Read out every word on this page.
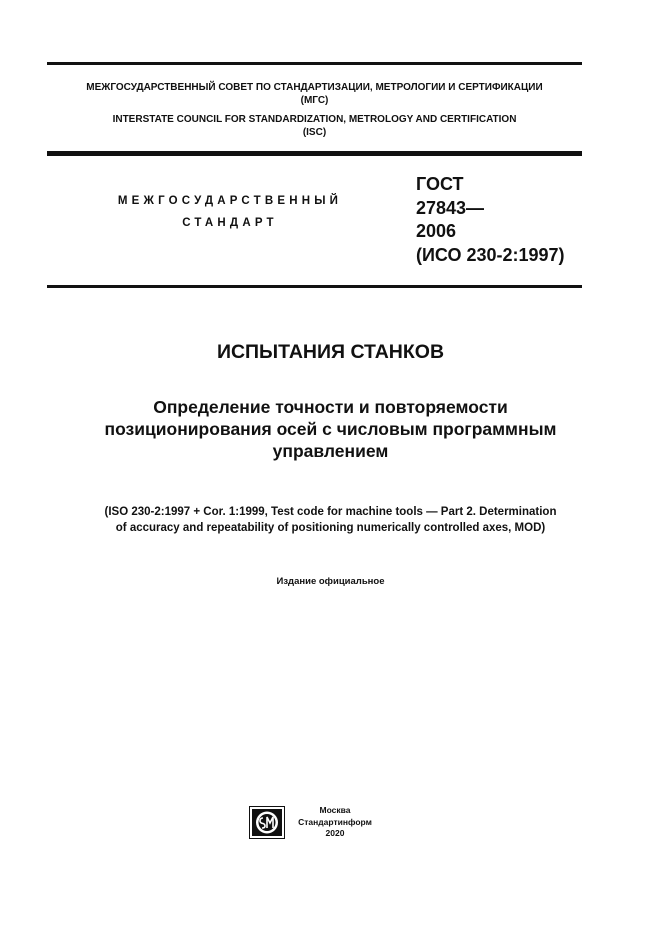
МЕЖГОСУДАРСТВЕННЫЙ СОВЕТ ПО СТАНДАРТИЗАЦИИ, МЕТРОЛОГИИ И СЕРТИФИКАЦИИ
(МГС)
INTERSTATE COUNCIL FOR STANDARDIZATION, METROLOGY AND CERTIFICATION
(ISC)
МЕЖГОСУДАРСТВЕННЫЙ
СТАНДАРТ
ГОСТ
27843—
2006
(ИСО 230-2:1997)
ИСПЫТАНИЯ СТАНКОВ
Определение точности и повторяемости
позиционирования осей с числовым программным
управлением
(ISO 230-2:1997 + Cor. 1:1999, Test code for machine tools — Part 2. Determination
of accuracy and repeatability of positioning numerically controlled axes, MOD)
Издание официальное
Москва
Стандартинформ
2020
